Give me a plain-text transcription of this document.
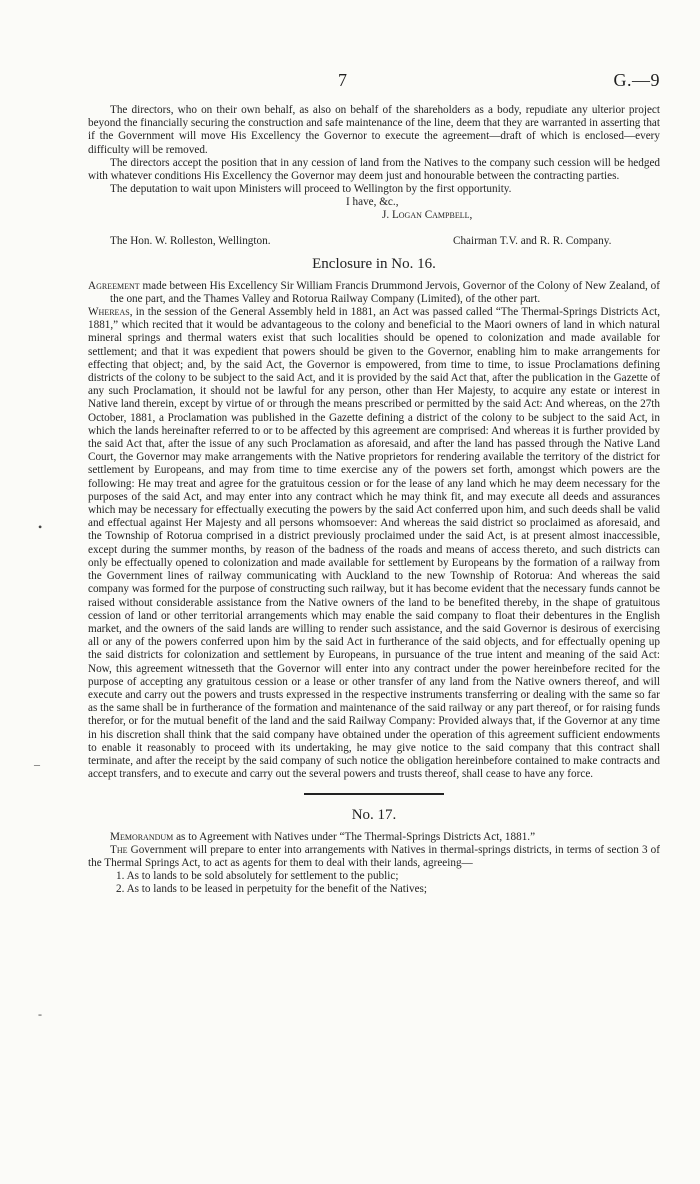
7	G.—9
•
–
-

The directors, who on their own behalf, as also on behalf of the shareholders as a body, repudiate any ulterior project beyond the financially securing the construction and safe maintenance of the line, deem that they are warranted in asserting that if the Government will move His Excellency the Governor to execute the agreement—draft of which is enclosed—every difficulty will be removed.

The directors accept the position that in any cession of land from the Natives to the company such cession will be hedged with whatever conditions His Excellency the Governor may deem just and honourable between the contracting parties.

The deputation to wait upon Ministers will proceed to Wellington by the first opportunity.

I have, &c.,
J. Logan Campbell,
The Hon. W. Rolleston, Wellington.	Chairman T.V. and R. R. Company.
Enclosure in No. 16.

Agreement made between His Excellency Sir William Francis Drummond Jervois, Governor of the Colony of New Zealand, of the one part, and the Thames Valley and Rotorua Railway Company (Limited), of the other part.

Whereas, in the session of the General Assembly held in 1881, an Act was passed called “The Thermal-Springs Districts Act, 1881,” which recited that it would be advantageous to the colony and beneficial to the Maori owners of land in which natural mineral springs and thermal waters exist that such localities should be opened to colonization and made available for settlement; and that it was expedient that powers should be given to the Governor, enabling him to make arrangements for effecting that object; and, by the said Act, the Governor is empowered, from time to time, to issue Proclamations defining districts of the colony to be subject to the said Act, and it is provided by the said Act that, after the publication in the Gazette of any such Proclamation, it should not be lawful for any person, other than Her Majesty, to acquire any estate or interest in Native land therein, except by virtue of or through the means prescribed or permitted by the said Act: And whereas, on the 27th October, 1881, a Proclamation was published in the Gazette defining a district of the colony to be subject to the said Act, in which the lands hereinafter referred to or to be affected by this agreement are comprised: And whereas it is further provided by the said Act that, after the issue of any such Proclamation as aforesaid, and after the land has passed through the Native Land Court, the Governor may make arrangements with the Native proprietors for rendering available the territory of the district for settlement by Europeans, and may from time to time exercise any of the powers set forth, amongst which powers are the following: He may treat and agree for the gratuitous cession or for the lease of any land which he may deem necessary for the purposes of the said Act, and may enter into any contract which he may think fit, and may execute all deeds and assurances which may be necessary for effectually executing the powers by the said Act conferred upon him, and such deeds shall be valid and effectual against Her Majesty and all persons whomsoever: And whereas the said district so proclaimed as aforesaid, and the Township of Rotorua comprised in a district previously proclaimed under the said Act, is at present almost inaccessible, except during the summer months, by reason of the badness of the roads and means of access thereto, and such districts can only be effectually opened to colonization and made available for settlement by Europeans by the formation of a railway from the Government lines of railway communicating with Auckland to the new Township of Rotorua: And whereas the said company was formed for the purpose of constructing such railway, but it has become evident that the necessary funds cannot be raised without considerable assistance from the Native owners of the land to be benefited thereby, in the shape of gratuitous cession of land or other territorial arrangements which may enable the said company to float their debentures in the English market, and the owners of the said lands are willing to render such assistance, and the said Governor is desirous of exercising all or any of the powers conferred upon him by the said Act in furtherance of the said objects, and for effectually opening up the said districts for colonization and settlement by Europeans, in pursuance of the true intent and meaning of the said Act: Now, this agreement witnesseth that the Governor will enter into any contract under the power hereinbefore recited for the purpose of accepting any gratuitous cession or a lease or other transfer of any land from the Native owners thereof, and will execute and carry out the powers and trusts expressed in the respective instruments transferring or dealing with the same so far as the same shall be in furtherance of the formation and maintenance of the said railway or any part thereof, or for raising funds therefor, or for the mutual benefit of the land and the said Railway Company: Provided always that, if the Governor at any time in his discretion shall think that the said company have obtained under the operation of this agreement sufficient endowments to enable it reasonably to proceed with its undertaking, he may give notice to the said company that this contract shall terminate, and after the receipt by the said company of such notice the obligation hereinbefore contained to make contracts and accept transfers, and to execute and carry out the several powers and trusts thereof, shall cease to have any force.

No. 17.

Memorandum as to Agreement with Natives under “The Thermal-Springs Districts Act, 1881.”

The Government will prepare to enter into arrangements with Natives in thermal-springs districts, in terms of section 3 of the Thermal Springs Act, to act as agents for them to deal with their lands, agreeing—

1. As to lands to be sold absolutely for settlement to the public;

2. As to lands to be leased in perpetuity for the benefit of the Natives;
